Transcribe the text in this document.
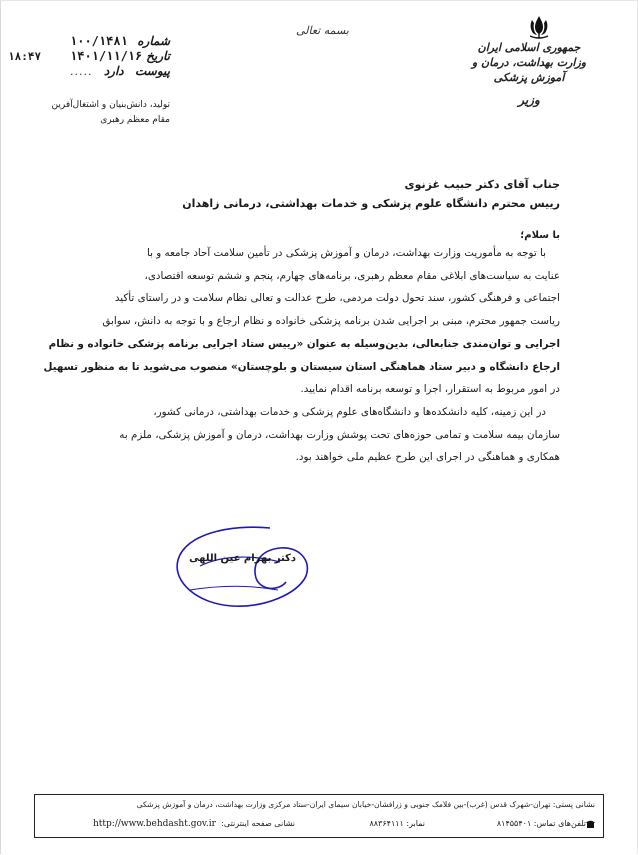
جمهوری اسلامی ایران
وزارت بهداشت، درمان و آموزش پزشکی
وزیر
بسمه تعالی
شماره
۱۰۰/۱۴۸۱
تاریخ
۱۴۰۱/۱۱/۱۶
پیوست
دارد
.....
۱۸:۴۷
تولید، دانش‌بنیان و اشتغال‌آفرین
مقام معظم رهبری
جناب آقای دکتر حبیب غزنوی
رییس محترم دانشگاه علوم پزشکی و خدمات بهداشتی، درمانی زاهدان
با سلام؛

با توجه به مأموریت وزارت بهداشت، درمان و آموزش پزشکی در تأمین سلامت آحاد جامعه و با

عنایت به سیاست‌های ابلاغی مقام معظم رهبری، برنامه‌های چهارم، پنجم و ششم توسعه اقتصادی،

اجتماعی و فرهنگی کشور، سند تحول دولت مردمی، طرح عدالت و تعالی نظام سلامت و در راستای تأکید

ریاست جمهور محترم، مبنی بر اجرایی شدن برنامه پزشکی خانواده و نظام ارجاع و با توجه به دانش، سوابق

اجرایی و توان‌مندی جنابعالی، بدین‌وسیله به عنوان «رییس ستاد اجرایی برنامه پزشکی خانواده و نظام

ارجاع دانشگاه و دبیر ستاد هماهنگی استان سیستان و بلوچستان» منصوب می‌شوید تا به منظور تسهیل

در امور مربوط به استقرار، اجرا و توسعه برنامه اقدام نمایید.

در این زمینه، کلیه دانشکده‌ها و دانشگاه‌های علوم پزشکی و خدمات بهداشتی، درمانی کشور،

سازمان بیمه سلامت و تمامی حوزه‌های تحت پوشش وزارت بهداشت، درمان و آموزش پزشکی، ملزم به

همکاری و هماهنگی در اجرای این طرح عظیم ملی خواهند بود.

دکتر بهرام عین اللهی
نشانی پستی: تهران-شهرک قدس (غرب)-بین فلامک جنوبی و زرافشان-خیابان سیمای ایران-ستاد مرکزی وزارت بهداشت، درمان و آموزش پزشکی
تلفن‌های تماس: ۸۱۴۵۵۴۰۱
نمابر: ۸۸۳۶۴۱۱۱
نشانی صفحه اینترنتی:
http://www.behdasht.gov.ir
